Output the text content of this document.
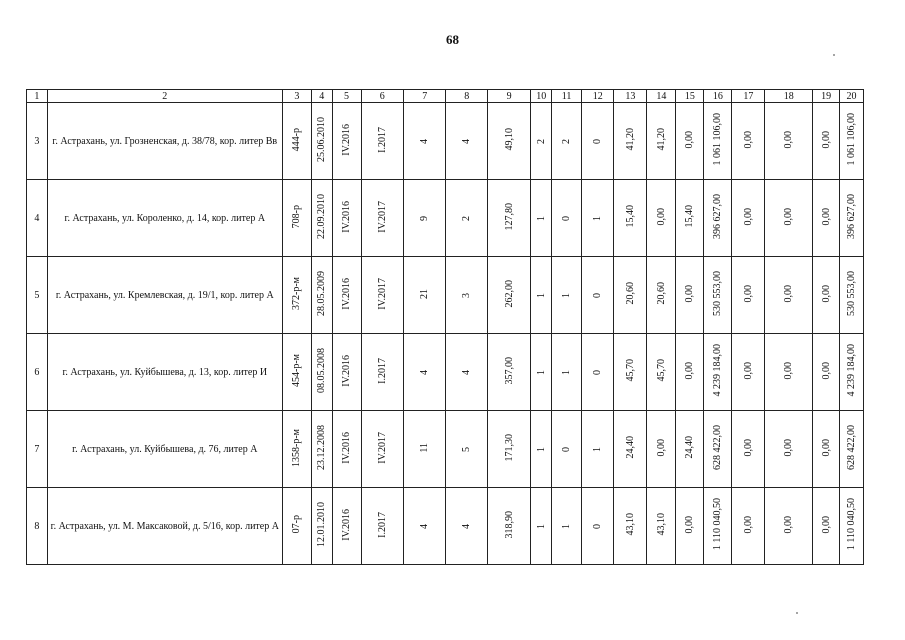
68
1	2	3	4	5	6	7	8	9	10	11	12	13	14	15	16	17	18	19	20
3	г. Астрахань, ул. Грозненская, д. 38/78, кор. литер Вв	444-р	25.06.2010	IV.2016	I.2017	4	4	49,10	2	2	0	41,20	41,20	0,00	1 061 106,00	0,00	0,00	0,00	1 061 106,00
4	г. Астрахань, ул. Короленко, д. 14, кор. литер А	708-р	22.09.2010	IV.2016	IV.2017	9	2	127,80	1	0	1	15,40	0,00	15,40	396 627,00	0,00	0,00	0,00	396 627,00
5	г. Астрахань, ул. Кремлевская, д. 19/1, кор. литер А	372-р-м	28.05.2009	IV.2016	IV.2017	21	3	262,00	1	1	0	20,60	20,60	0,00	530 553,00	0,00	0,00	0,00	530 553,00
6	г. Астрахань, ул. Куйбышева, д. 13, кор. литер И	454-р-м	08.05.2008	IV.2016	I.2017	4	4	357,00	1	1	0	45,70	45,70	0,00	4 239 184,00	0,00	0,00	0,00	4 239 184,00
7	г. Астрахань, ул. Куйбышева, д. 76, литер А	1358-р-м	23.12.2008	IV.2016	IV.2017	11	5	171,30	1	0	1	24,40	0,00	24,40	628 422,00	0,00	0,00	0,00	628 422,00
8	г. Астрахань, ул. М. Максаковой, д. 5/16, кор. литер А	07-р	12.01.2010	IV.2016	I.2017	4	4	318,90	1	1	0	43,10	43,10	0,00	1 110 040,50	0,00	0,00	0,00	1 110 040,50
